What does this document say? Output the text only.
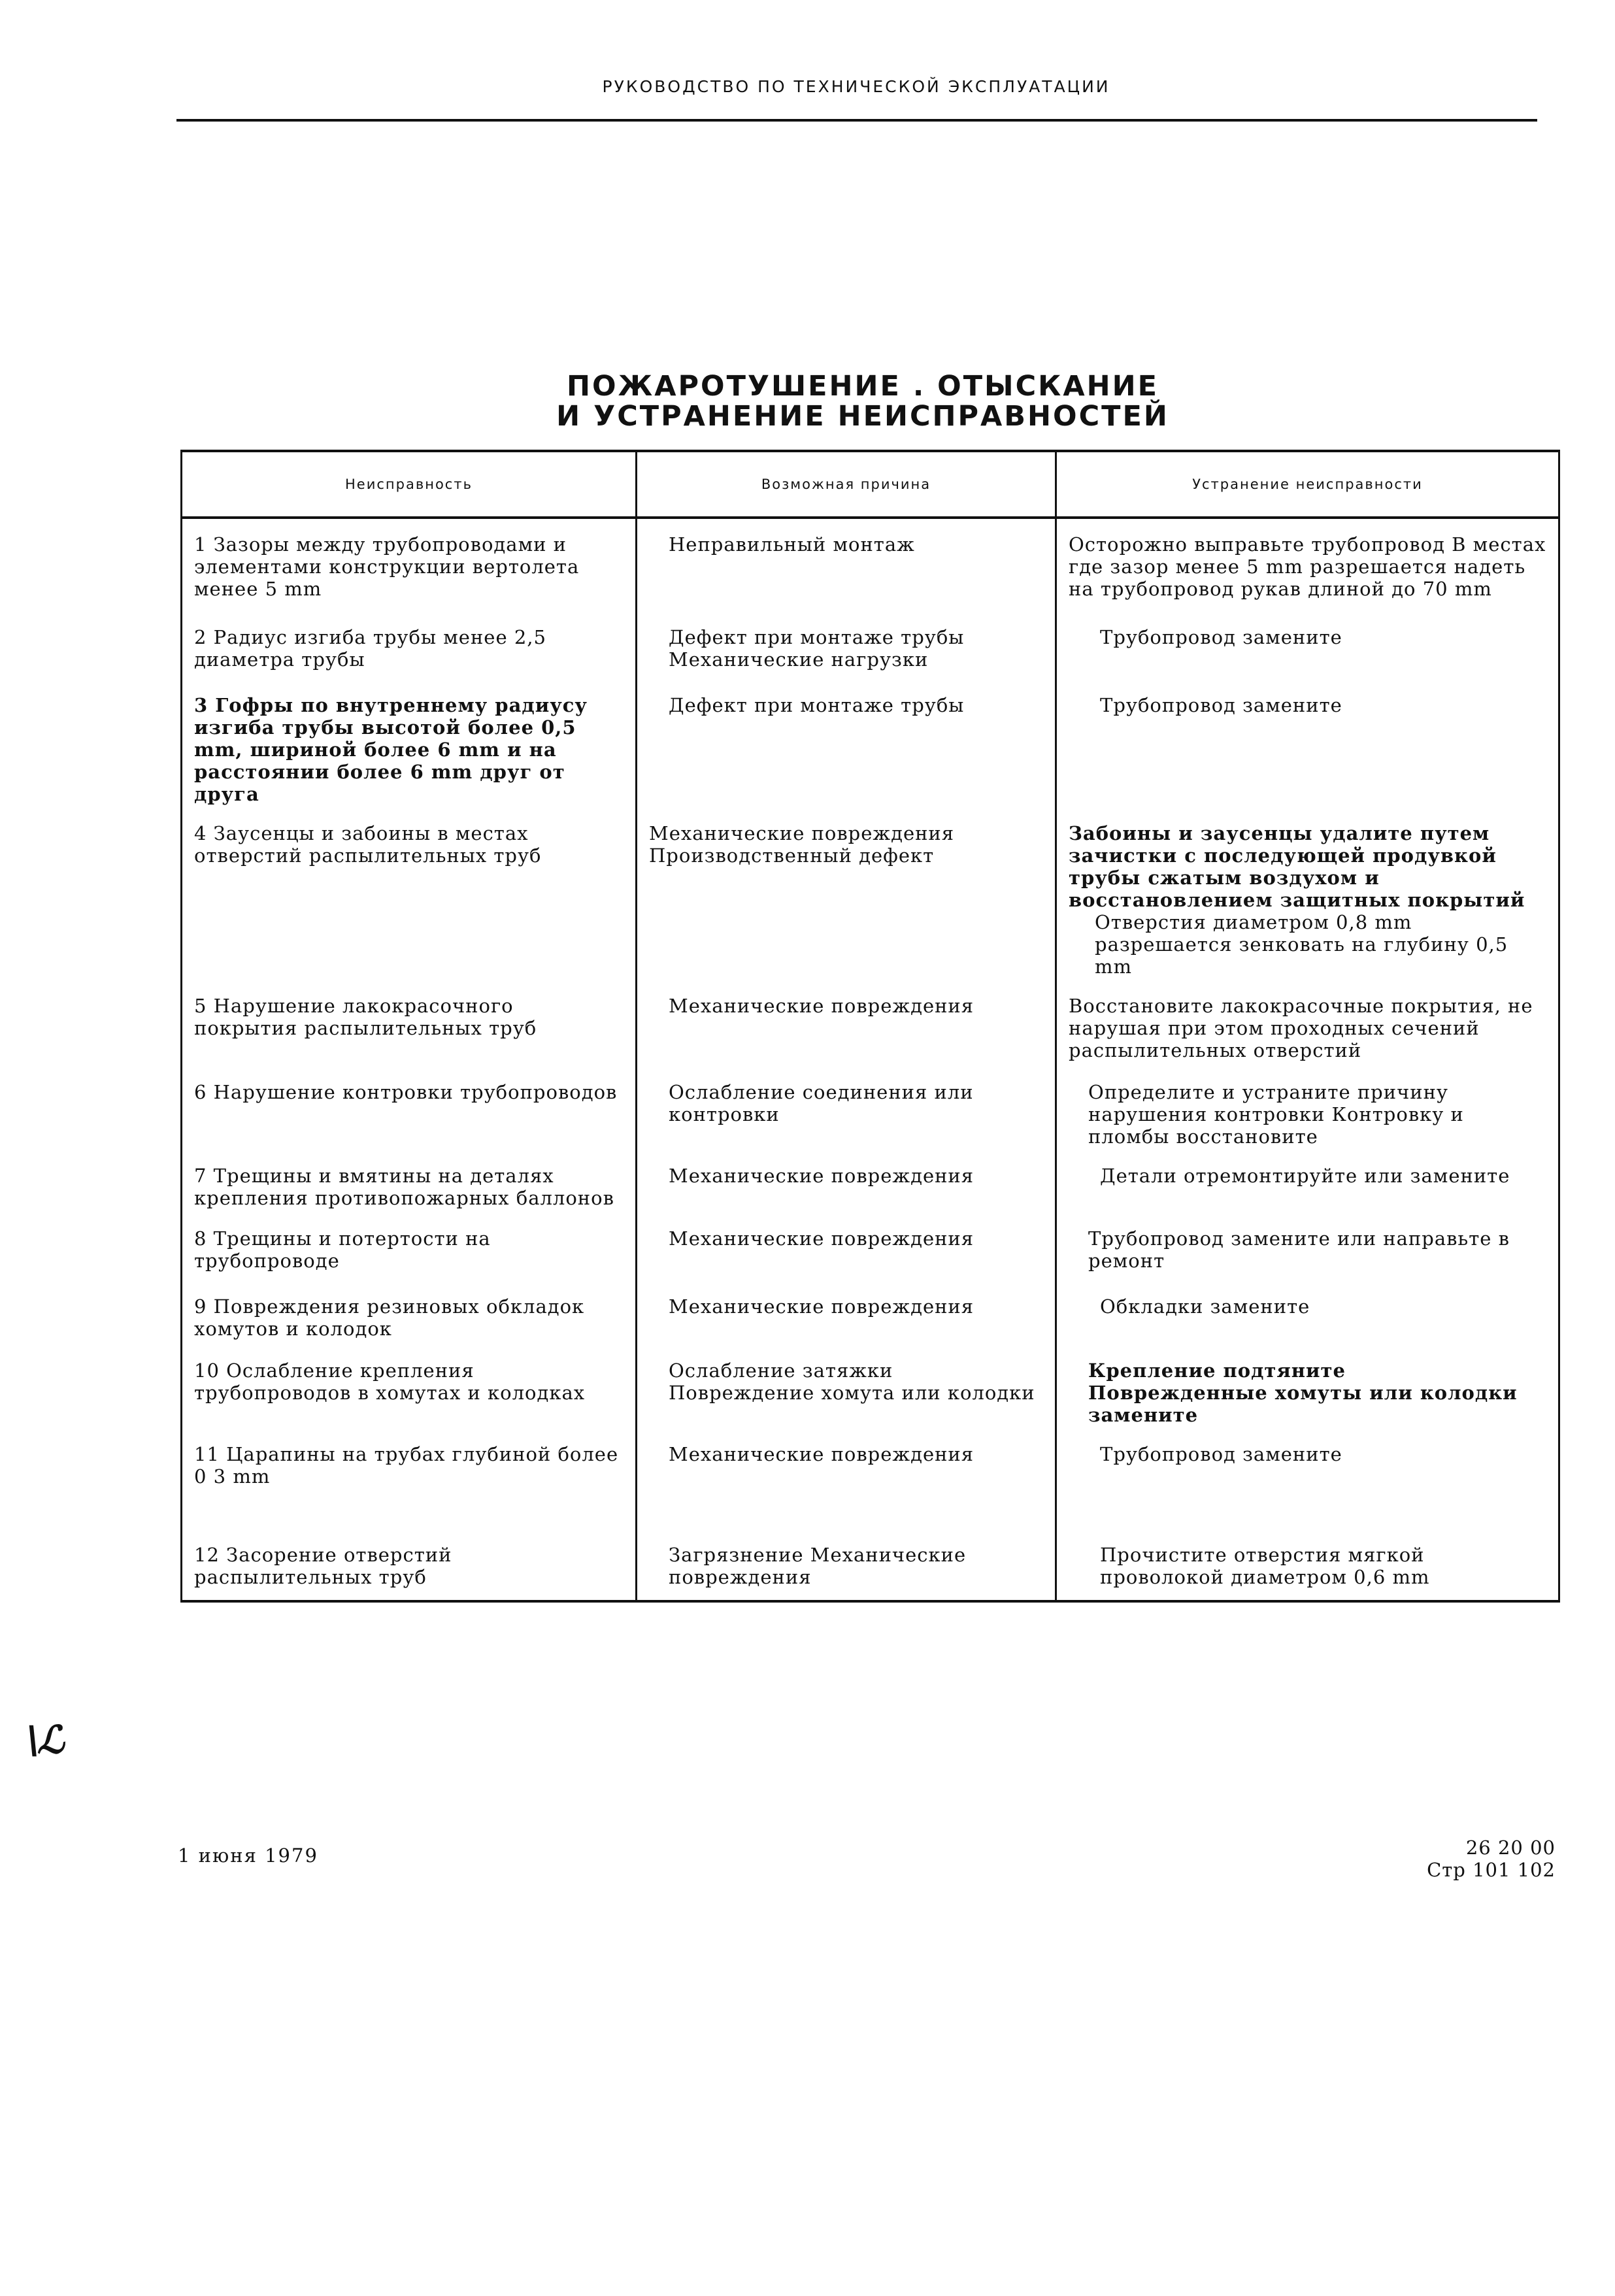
РУКОВОДСТВО ПО ТЕХНИЧЕСКОЙ ЭКСПЛУАТАЦИИ
ПОЖАРОТУШЕНИЕ . ОТЫСКАНИЕ
И УСТРАНЕНИЕ НЕИСПРАВНОСТЕЙ
Неисправность	Возможная причина	Устранение неисправности
1 Зазоры между трубопроводами и элементами конструкции вертолета менее 5 mm	Неправильный монтаж	Осторожно выправьте трубопровод В местах где зазор менее 5 mm разрешается надеть на трубопровод рукав длиной до 70 mm

2 Радиус изгиба трубы менее 2,5 диаметра трубы	Дефект при монтаже трубы Механические нагрузки	Трубопровод замените

3 Гофры по внутреннему радиусу изгиба трубы высотой более 0,5 mm, шириной более 6 mm и на расстоянии более 6 mm друг от друга	Дефект при монтаже трубы	Трубопровод замените

4 Заусенцы и забоины в местах отверстий распылительных труб	Механические повреждения Производственный дефект	Забоины и заусенцы удалите путем зачистки с последующей продувкой трубы сжатым воздухом и восстановлением защитных покрытий
Отверстия диаметром 0,8 mm разрешается зенковать на глубину 0,5 mm

5 Нарушение лакокрасочного покрытия распылительных труб	Механические повреждения	Восстановите лакокрасочные покрытия, не нарушая при этом проходных сечений распылительных отверстий

6 Нарушение контровки трубопроводов	Ослабление соединения или контровки	Определите и устраните причину нарушения контровки Контровку и пломбы восстановите

7 Трещины и вмятины на деталях крепления противопожарных баллонов	Механические повреждения	Детали отремонтируйте или замените

8 Трещины и потертости на трубопроводе	Механические повреждения	Трубопровод замените или направьте в ремонт

9 Повреждения резиновых обкладок хомутов и колодок	Механические повреждения	Обкладки замените

10 Ослабление крепления трубопроводов в хомутах и колодках	Ослабление затяжки Повреждение хомута или колодки	Крепление подтяните
Поврежденные хомуты или колодки замените

11 Царапины на трубах глубиной более 0 3 mm	Механические повреждения	Трубопровод замените

12 Засорение отверстий распылительных труб	Загрязнение Механические повреждения	Прочистите отверстия мягкой проволокой диаметром 0,6 mm
\ℒ
1 июня 1979	26 20 00
Стр 101 102
